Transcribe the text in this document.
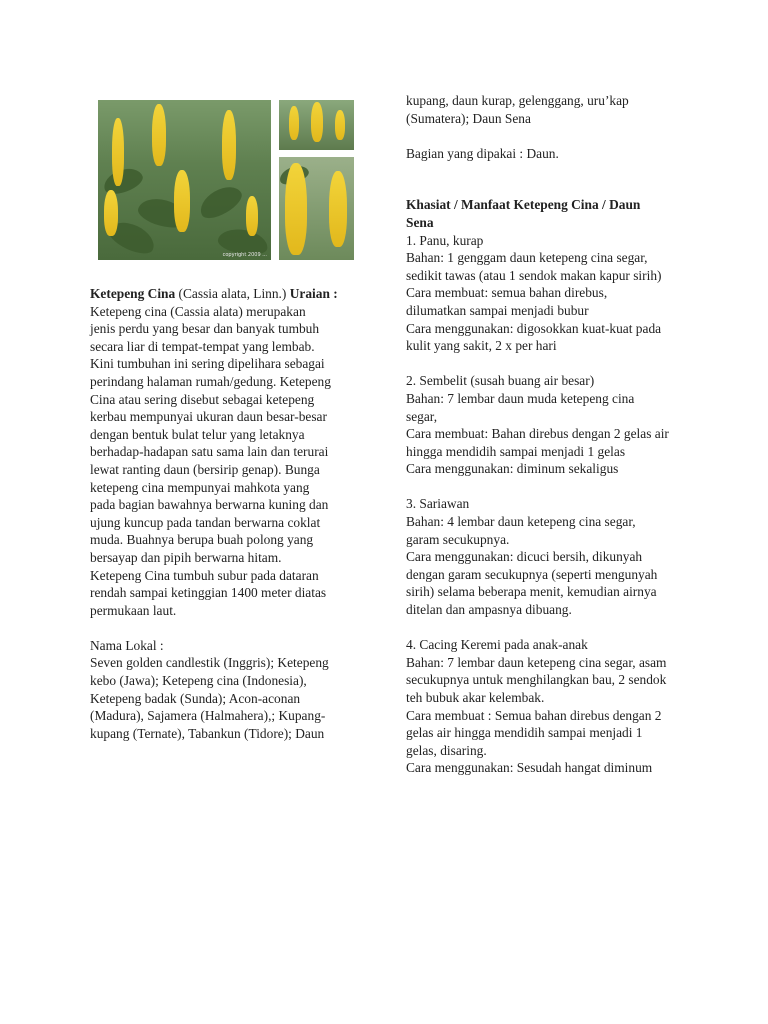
copyright 2009 ...
Ketepeng Cina (Cassia alata, Linn.) Uraian :
Ketepeng cina (Cassia alata) merupakan
jenis perdu yang besar dan banyak tumbuh
secara liar di tempat-tempat yang lembab.
Kini tumbuhan ini sering dipelihara sebagai
perindang halaman rumah/gedung. Ketepeng
Cina atau sering disebut sebagai ketepeng
kerbau mempunyai ukuran daun besar-besar
dengan bentuk bulat telur yang letaknya
berhadap-hadapan satu sama lain dan terurai
lewat ranting daun (bersirip genap). Bunga
ketepeng cina mempunyai mahkota yang
pada bagian bawahnya berwarna kuning dan
ujung kuncup pada tandan berwarna coklat
muda. Buahnya berupa buah polong yang
bersayap dan pipih berwarna hitam.
Ketepeng Cina tumbuh subur pada dataran
rendah sampai ketinggian 1400 meter diatas
permukaan laut.
Nama Lokal :
Seven golden candlestik (Inggris); Ketepeng
kebo (Jawa); Ketepeng cina (Indonesia),
Ketepeng badak (Sunda); Acon-aconan
(Madura), Sajamera (Halmahera),; Kupang-
kupang (Ternate), Tabankun (Tidore); Daun
kupang, daun kurap, gelenggang, uru’kap
(Sumatera); Daun Sena
Bagian yang dipakai : Daun.
Khasiat / Manfaat Ketepeng Cina / Daun
Sena
1. Panu, kurap
Bahan: 1 genggam daun ketepeng cina segar,
sedikit tawas (atau 1 sendok makan kapur sirih)
Cara membuat: semua bahan direbus,
dilumatkan sampai menjadi bubur
Cara menggunakan: digosokkan kuat-kuat pada
kulit yang sakit, 2 x per hari
2. Sembelit (susah buang air besar)
Bahan: 7 lembar daun muda ketepeng cina
segar,
Cara membuat: Bahan direbus dengan 2 gelas air
hingga mendidih sampai menjadi 1 gelas
Cara menggunakan: diminum sekaligus
3. Sariawan
Bahan: 4 lembar daun ketepeng cina segar,
garam secukupnya.
Cara menggunakan: dicuci bersih, dikunyah
dengan garam secukupnya (seperti mengunyah
sirih) selama beberapa menit, kemudian airnya
ditelan dan ampasnya dibuang.
4. Cacing Keremi pada anak-anak
Bahan: 7 lembar daun ketepeng cina segar, asam
secukupnya untuk menghilangkan bau, 2 sendok
teh bubuk akar kelembak.
Cara membuat : Semua bahan direbus dengan 2
gelas air hingga mendidih sampai menjadi 1
gelas, disaring.
Cara menggunakan: Sesudah hangat diminum
